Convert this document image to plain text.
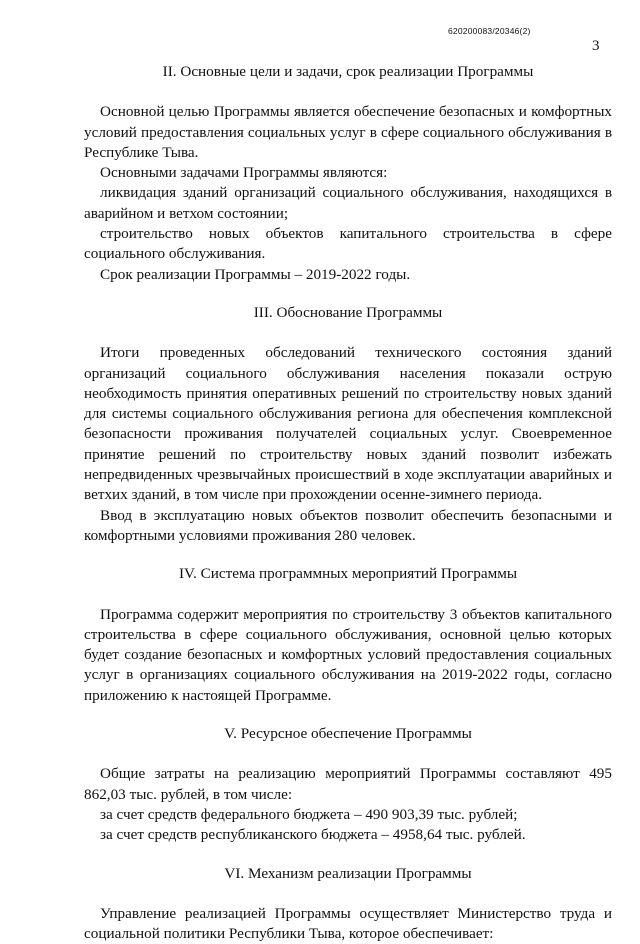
620200083/20346(2)
3
II. Основные цели и задачи, срок реализации Программы

Основной целью Программы является обеспечение безопасных и комфортных условий предоставления социальных услуг в сфере социального обслуживания в Республике Тыва.

Основными задачами Программы являются:

ликвидация зданий организаций социального обслуживания, находящихся в аварийном и ветхом состоянии;

строительство новых объектов капитального строительства в сфере социального обслуживания.

Срок реализации Программы – 2019-2022 годы.

III. Обоснование Программы

Итоги проведенных обследований технического состояния зданий организаций социального обслуживания населения показали острую необходимость принятия оперативных решений по строительству новых зданий для системы социального обслуживания региона для обеспечения комплексной безопасности проживания получателей социальных услуг. Своевременное принятие решений по строительству новых зданий позволит избежать непредвиденных чрезвычайных происшествий в ходе эксплуатации аварийных и ветхих зданий, в том числе при прохождении осенне-зимнего периода.

Ввод в эксплуатацию новых объектов позволит обеспечить безопасными и комфортными условиями проживания 280 человек.

IV. Система программных мероприятий Программы

Программа содержит мероприятия по строительству 3 объектов капитального строительства в сфере социального обслуживания, основной целью которых будет создание безопасных и комфортных условий предоставления социальных услуг в организациях социального обслуживания на 2019-2022 годы, согласно приложению к настоящей Программе.

V. Ресурсное обеспечение Программы

Общие затраты на реализацию мероприятий Программы составляют 495 862,03 тыс. рублей, в том числе:

за счет средств федерального бюджета – 490 903,39 тыс. рублей;

за счет средств республиканского бюджета – 4958,64 тыс. рублей.

VI. Механизм реализации Программы

Управление реализацией Программы осуществляет Министерство труда и социальной политики Республики Тыва, которое обеспечивает:
